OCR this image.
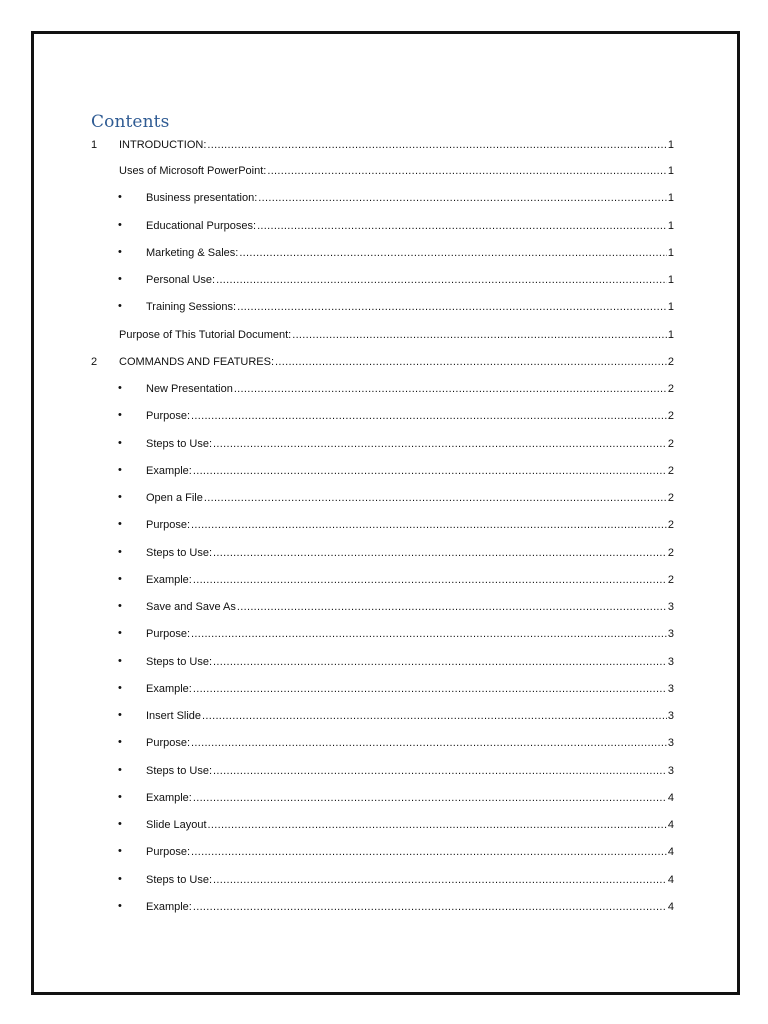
Contents
1 INTRODUCTION: .....	1
Uses of Microsoft PowerPoint: .....	1
• Business presentation: .....	1
• Educational Purposes: .....	1
• Marketing & Sales: .....	1
• Personal Use: .....	1
• Training Sessions: .....	1
Purpose of This Tutorial Document: .....	1
2 COMMANDS AND FEATURES: .....	2
• New Presentation .....	2
• Purpose: .....	2
• Steps to Use: .....	2
• Example: .....	2
• Open a File .....	2
• Purpose: .....	2
• Steps to Use: .....	2
• Example: .....	2
• Save and Save As .....	3
• Purpose: .....	3
• Steps to Use: .....	3
• Example: .....	3
• Insert Slide .....	3
• Purpose: .....	3
• Steps to Use: .....	3
• Example: .....	4
• Slide Layout .....	4
• Purpose: .....	4
• Steps to Use: .....	4
• Example: .....	4
